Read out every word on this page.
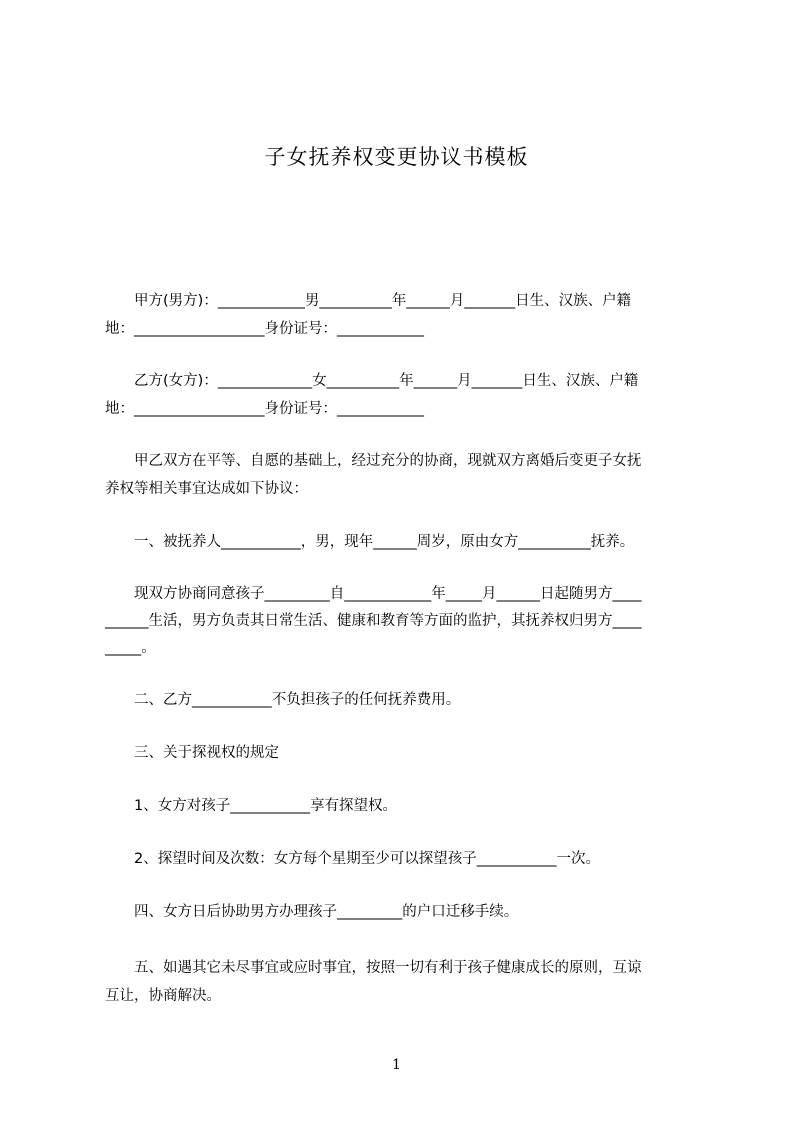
子女抚养权变更协议书模板
　　甲方(男方)：____________男__________年______月_______日生、汉族、户籍
地：__________________身份证号：____________
　　乙方(女方)：_____________女__________年______月_______日生、汉族、户籍
地：__________________身份证号：____________
　　甲乙双方在平等、自愿的基础上，经过充分的协商，现就双方离婚后变更子女抚
养权等相关事宜达成如下协议：
　　一、被抚养人___________，男，现年______周岁，原由女方__________抚养。
　　现双方协商同意孩子_________自____________年_____月______日起随男方____
______生活，男方负责其日常生活、健康和教育等方面的监护，其抚养权归男方____
_____。
　　二、乙方___________不负担孩子的任何抚养费用。
　　三、关于探视权的规定
　　1、女方对孩子___________享有探望权。
　　2、探望时间及次数：女方每个星期至少可以探望孩子___________一次。
　　四、女方日后协助男方办理孩子_________的户口迁移手续。
　　五、如遇其它未尽事宜或应时事宜，按照一切有利于孩子健康成长的原则，互谅
互让，协商解决。
1
